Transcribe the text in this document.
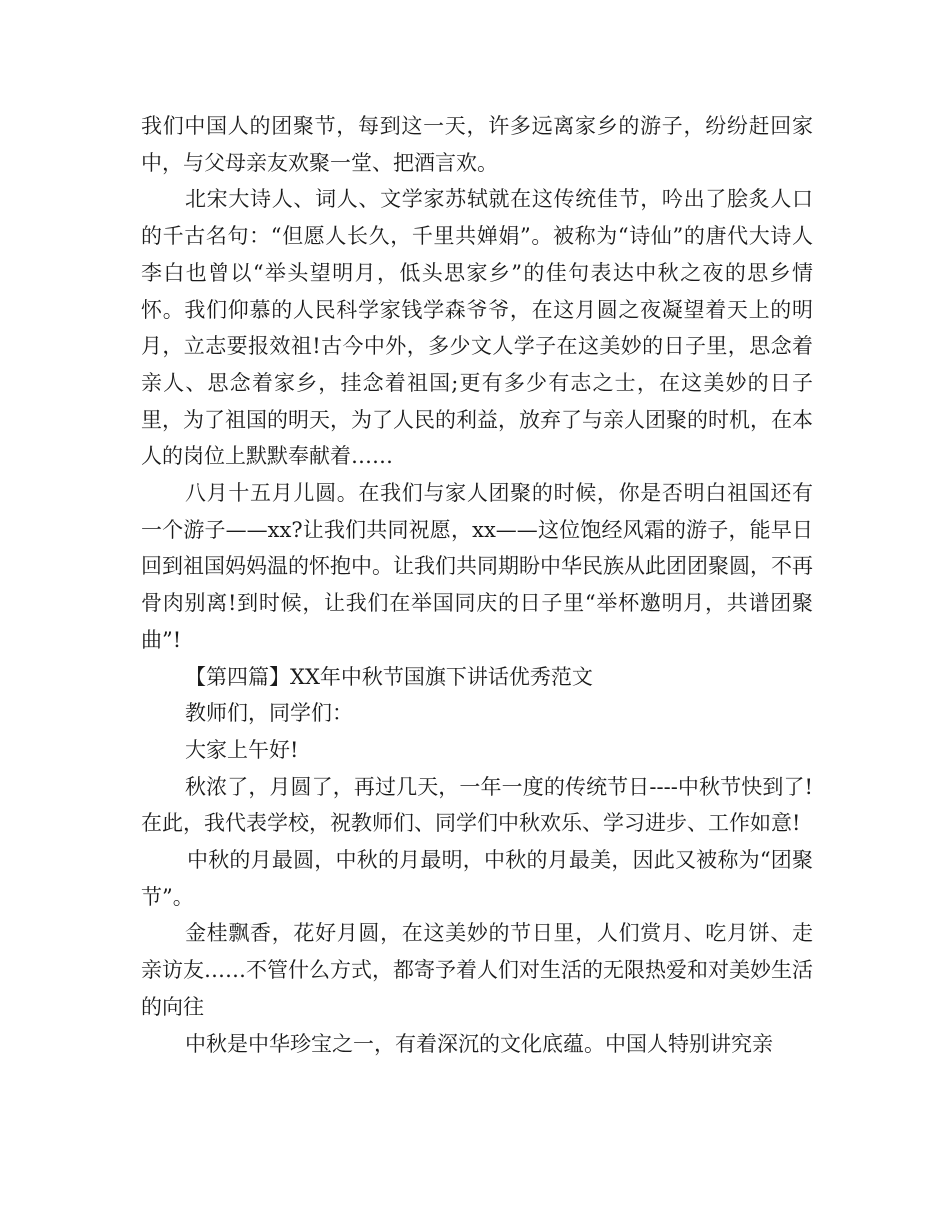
我们中国人的团聚节，每到这一天，许多远离家乡的游子，纷纷赶回家中，与父母亲友欢聚一堂、把酒言欢。

北宋大诗人、词人、文学家苏轼就在这传统佳节，吟出了脍炙人口的千古名句：“但愿人长久，千里共婵娟”。被称为“诗仙”的唐代大诗人李白也曾以“举头望明月，低头思家乡”的佳句表达中秋之夜的思乡情怀。我们仰慕的人民科学家钱学森爷爷，在这月圆之夜凝望着天上的明月，立志要报效祖!古今中外，多少文人学子在这美妙的日子里，思念着亲人、思念着家乡，挂念着祖国;更有多少有志之士，在这美妙的日子里，为了祖国的明天，为了人民的利益，放弃了与亲人团聚的时机，在本人的岗位上默默奉献着……

八月十五月儿圆。在我们与家人团聚的时候，你是否明白祖国还有一个游子——xx?让我们共同祝愿，xx——这位饱经风霜的游子，能早日回到祖国妈妈温的怀抱中。让我们共同期盼中华民族从此团团聚圆，不再骨肉别离!到时候，让我们在举国同庆的日子里“举杯邀明月，共谱团聚曲”!

【第四篇】XX年中秋节国旗下讲话优秀范文

教师们，同学们：

大家上午好!

秋浓了，月圆了，再过几天，一年一度的传统节日----中秋节快到了!在此，我代表学校，祝教师们、同学们中秋欢乐、学习进步、工作如意!

中秋的月最圆，中秋的月最明，中秋的月最美，因此又被称为“团聚节”。

金桂飘香，花好月圆，在这美妙的节日里，人们赏月、吃月饼、走亲访友……不管什么方式，都寄予着人们对生活的无限热爱和对美妙生活的向往

中秋是中华珍宝之一，有着深沉的文化底蕴。中国人特别讲究亲
